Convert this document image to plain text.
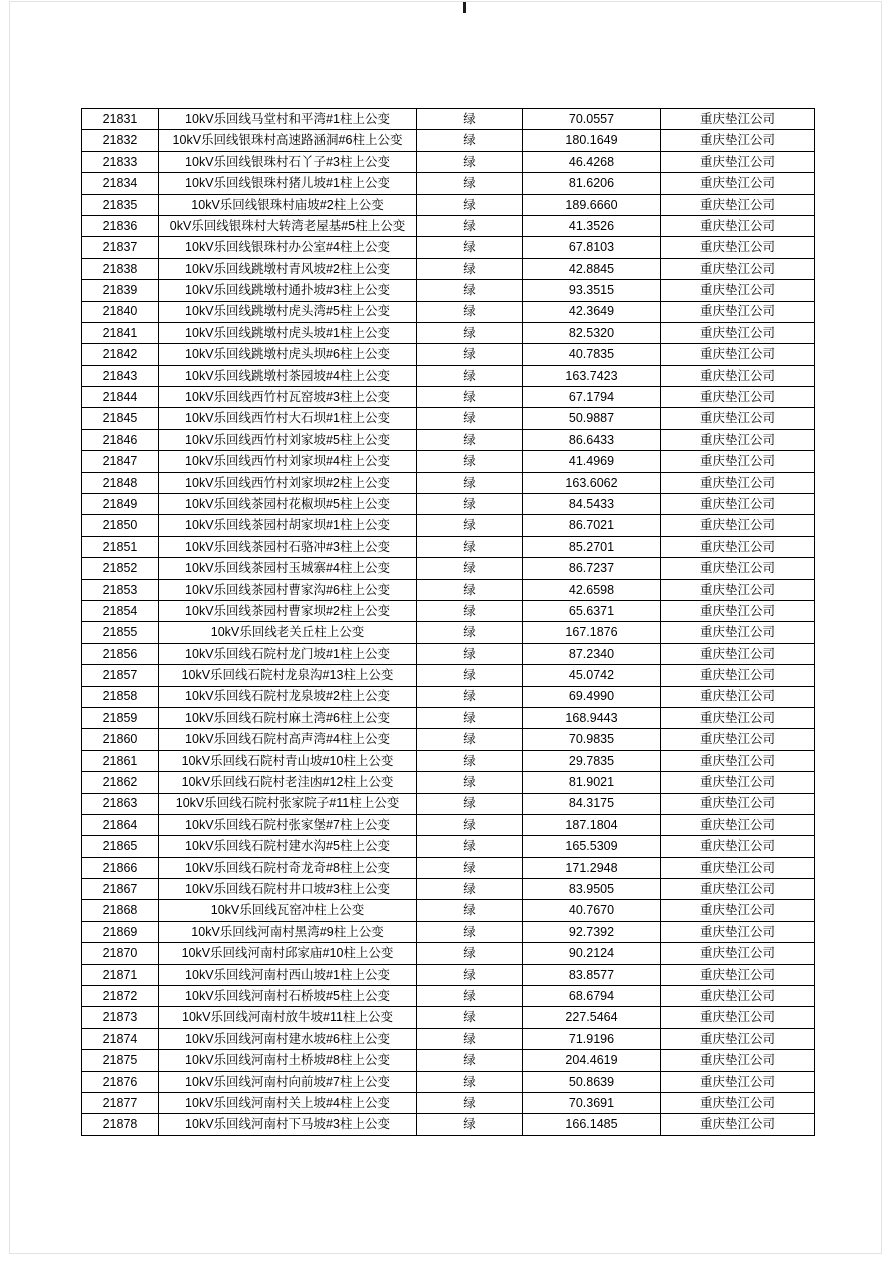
21831	10kV乐回线马堂村和平湾#1柱上公变	绿	70.0557	重庆垫江公司
21832	10kV乐回线银珠村高速路涵洞#6柱上公变	绿	180.1649	重庆垫江公司
21833	10kV乐回线银珠村石丫子#3柱上公变	绿	46.4268	重庆垫江公司
21834	10kV乐回线银珠村猪儿坡#1柱上公变	绿	81.6206	重庆垫江公司
21835	10kV乐回线银珠村庙坡#2柱上公变	绿	189.6660	重庆垫江公司
21836	0kV乐回线银珠村大转湾老屋基#5柱上公变	绿	41.3526	重庆垫江公司
21837	10kV乐回线银珠村办公室#4柱上公变	绿	67.8103	重庆垫江公司
21838	10kV乐回线跳墩村青风坡#2柱上公变	绿	42.8845	重庆垫江公司
21839	10kV乐回线跳墩村通扑坡#3柱上公变	绿	93.3515	重庆垫江公司
21840	10kV乐回线跳墩村虎头湾#5柱上公变	绿	42.3649	重庆垫江公司
21841	10kV乐回线跳墩村虎头坡#1柱上公变	绿	82.5320	重庆垫江公司
21842	10kV乐回线跳墩村虎头坝#6柱上公变	绿	40.7835	重庆垫江公司
21843	10kV乐回线跳墩村茶园坡#4柱上公变	绿	163.7423	重庆垫江公司
21844	10kV乐回线西竹村瓦窑坡#3柱上公变	绿	67.1794	重庆垫江公司
21845	10kV乐回线西竹村大石坝#1柱上公变	绿	50.9887	重庆垫江公司
21846	10kV乐回线西竹村刘家坡#5柱上公变	绿	86.6433	重庆垫江公司
21847	10kV乐回线西竹村刘家坝#4柱上公变	绿	41.4969	重庆垫江公司
21848	10kV乐回线西竹村刘家坝#2柱上公变	绿	163.6062	重庆垫江公司
21849	10kV乐回线茶园村花椒坝#5柱上公变	绿	84.5433	重庆垫江公司
21850	10kV乐回线茶园村胡家坝#1柱上公变	绿	86.7021	重庆垫江公司
21851	10kV乐回线茶园村石骆冲#3柱上公变	绿	85.2701	重庆垫江公司
21852	10kV乐回线茶园村玉城寨#4柱上公变	绿	86.7237	重庆垫江公司
21853	10kV乐回线茶园村曹家沟#6柱上公变	绿	42.6598	重庆垫江公司
21854	10kV乐回线茶园村曹家坝#2柱上公变	绿	65.6371	重庆垫江公司
21855	10kV乐回线老关丘柱上公变	绿	167.1876	重庆垫江公司
21856	10kV乐回线石院村龙门坡#1柱上公变	绿	87.2340	重庆垫江公司
21857	10kV乐回线石院村龙泉沟#13柱上公变	绿	45.0742	重庆垫江公司
21858	10kV乐回线石院村龙泉坡#2柱上公变	绿	69.4990	重庆垫江公司
21859	10kV乐回线石院村麻土湾#6柱上公变	绿	168.9443	重庆垫江公司
21860	10kV乐回线石院村高声湾#4柱上公变	绿	70.9835	重庆垫江公司
21861	10kV乐回线石院村青山坡#10柱上公变	绿	29.7835	重庆垫江公司
21862	10kV乐回线石院村老洼凼#12柱上公变	绿	81.9021	重庆垫江公司
21863	10kV乐回线石院村张家院子#11柱上公变	绿	84.3175	重庆垫江公司
21864	10kV乐回线石院村张家堡#7柱上公变	绿	187.1804	重庆垫江公司
21865	10kV乐回线石院村建水沟#5柱上公变	绿	165.5309	重庆垫江公司
21866	10kV乐回线石院村奇龙奇#8柱上公变	绿	171.2948	重庆垫江公司
21867	10kV乐回线石院村井口坡#3柱上公变	绿	83.9505	重庆垫江公司
21868	10kV乐回线瓦窑冲柱上公变	绿	40.7670	重庆垫江公司
21869	10kV乐回线河南村黑湾#9柱上公变	绿	92.7392	重庆垫江公司
21870	10kV乐回线河南村邱家庙#10柱上公变	绿	90.2124	重庆垫江公司
21871	10kV乐回线河南村西山坡#1柱上公变	绿	83.8577	重庆垫江公司
21872	10kV乐回线河南村石桥坡#5柱上公变	绿	68.6794	重庆垫江公司
21873	10kV乐回线河南村放牛坡#11柱上公变	绿	227.5464	重庆垫江公司
21874	10kV乐回线河南村建水坡#6柱上公变	绿	71.9196	重庆垫江公司
21875	10kV乐回线河南村土桥坡#8柱上公变	绿	204.4619	重庆垫江公司
21876	10kV乐回线河南村向前坡#7柱上公变	绿	50.8639	重庆垫江公司
21877	10kV乐回线河南村关上坡#4柱上公变	绿	70.3691	重庆垫江公司
21878	10kV乐回线河南村下马坡#3柱上公变	绿	166.1485	重庆垫江公司
